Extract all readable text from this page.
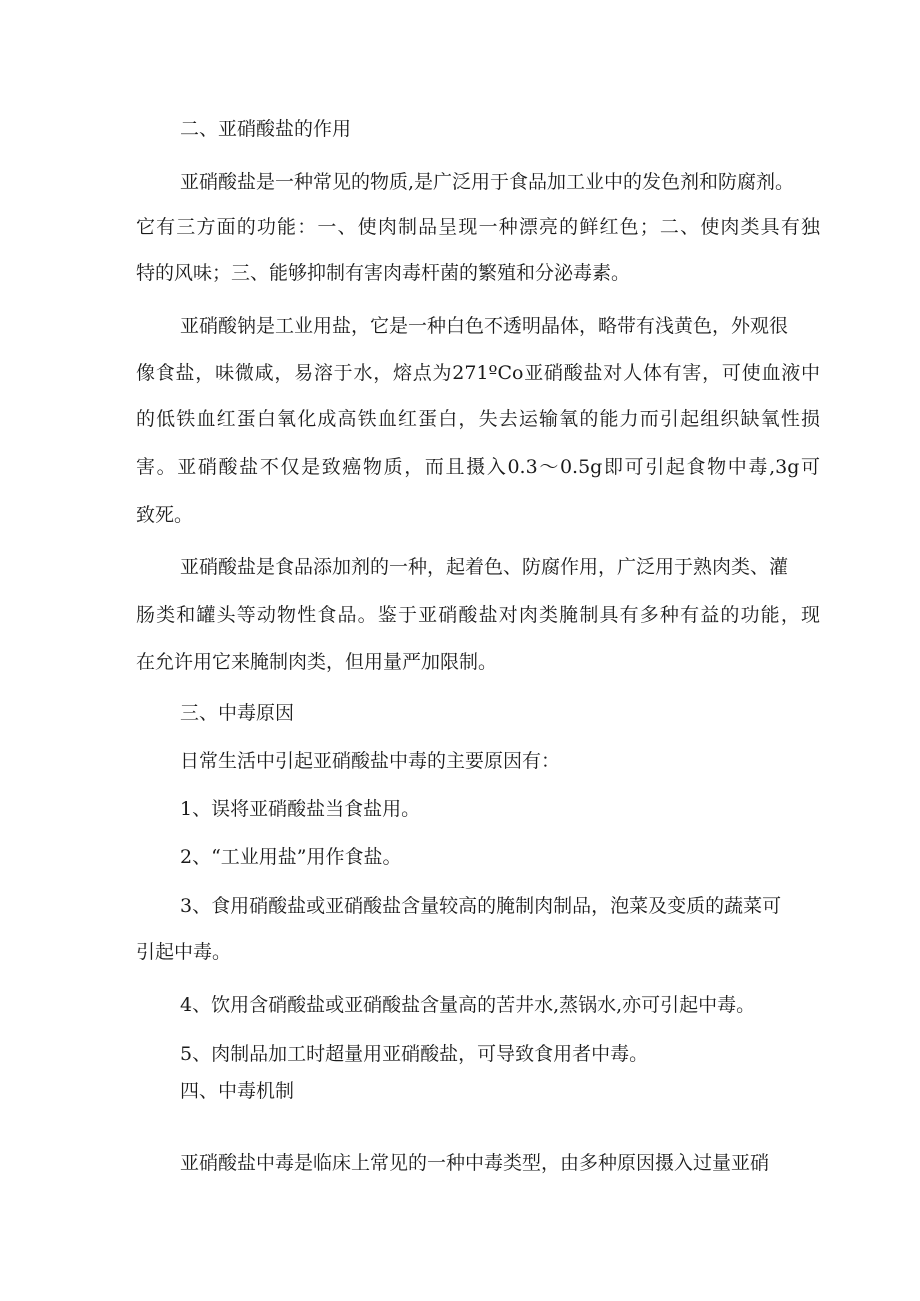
二、亚硝酸盐的作用
亚硝酸盐是一种常见的物质,是广泛用于食品加工业中的发色剂和防腐剂。
它有三方面的功能：一、使肉制品呈现一种漂亮的鲜红色；二、使肉类具有独
特的风味；三、能够抑制有害肉毒杆菌的繁殖和分泌毒素。
亚硝酸钠是工业用盐，它是一种白色不透明晶体，略带有浅黄色，外观很
像食盐，味微咸，易溶于水，熔点为271ºCo亚硝酸盐对人体有害，可使血液中
的低铁血红蛋白氧化成高铁血红蛋白，失去运输氧的能力而引起组织缺氧性损
害。亚硝酸盐不仅是致癌物质，而且摄入0.3～0.5g即可引起食物中毒,3g可
致死。
亚硝酸盐是食品添加剂的一种，起着色、防腐作用，广泛用于熟肉类、灌
肠类和罐头等动物性食品。鉴于亚硝酸盐对肉类腌制具有多种有益的功能，现
在允许用它来腌制肉类，但用量严加限制。
三、中毒原因
日常生活中引起亚硝酸盐中毒的主要原因有：
1、误将亚硝酸盐当食盐用。
2、“工业用盐”用作食盐。
3、食用硝酸盐或亚硝酸盐含量较高的腌制肉制品，泡菜及变质的蔬菜可
引起中毒。
4、饮用含硝酸盐或亚硝酸盐含量高的苦井水,蒸锅水,亦可引起中毒。
5、肉制品加工时超量用亚硝酸盐，可导致食用者中毒。
四、中毒机制
亚硝酸盐中毒是临床上常见的一种中毒类型，由多种原因摄入过量亚硝
